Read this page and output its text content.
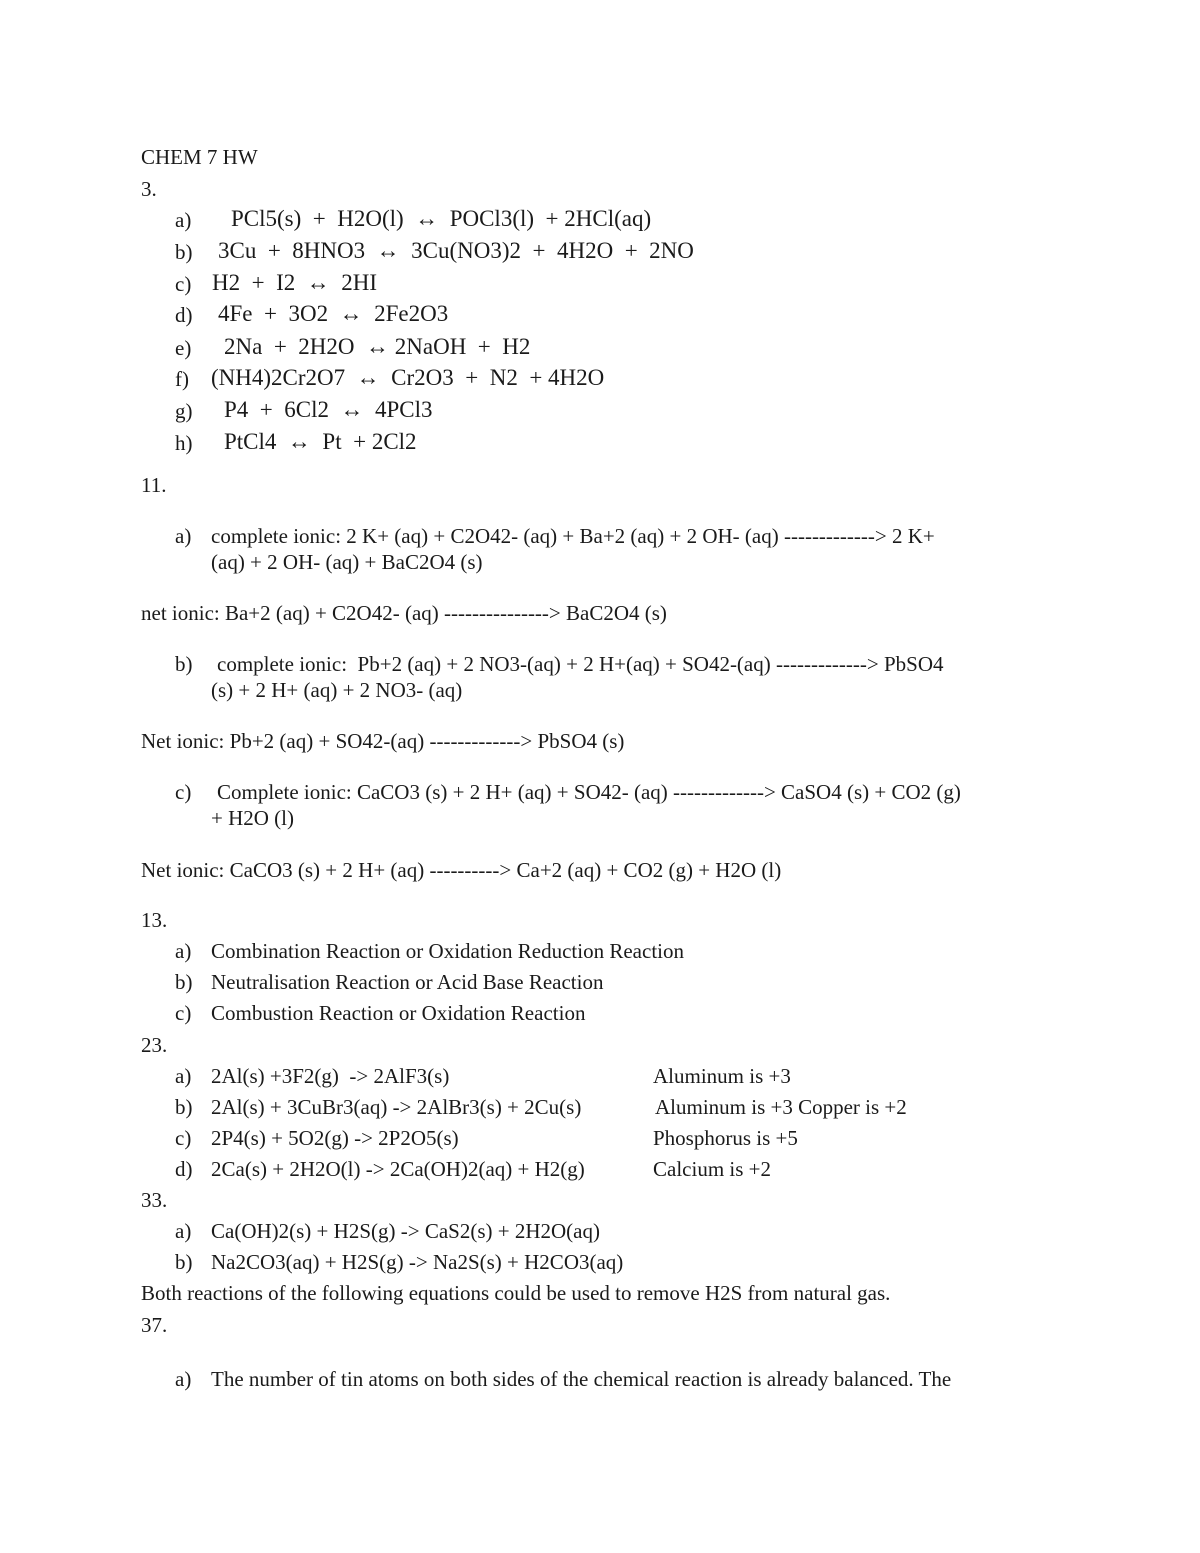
CHEM 7 HW

3.

a) PCl5(s)  +  H2O(l)  ↔  POCl3(l)  + 2HCl(aq)

b) 3Cu  +  8HNO3  ↔  3Cu(NO3)2  +  4H2O  +  2NO

c) H2  +  I2  ↔  2HI

d) 4Fe  +  3O2  ↔  2Fe2O3

e) 2Na  +  2H2O  ↔ 2NaOH  +  H2

f) (NH4)2Cr2O7  ↔  Cr2O3  +  N2  + 4H2O

g) P4  +  6Cl2  ↔  4PCl3

h) PtCl4  ↔  Pt  + 2Cl2

11.

a) complete ionic: 2 K+ (aq) + C2O42- (aq) + Ba+2 (aq) + 2 OH- (aq) -------------> 2 K+

(aq) + 2 OH- (aq) + BaC2O4 (s)

net ionic: Ba+2 (aq) + C2O42- (aq) ---------------> BaC2O4 (s)

b) complete ionic:  Pb+2 (aq) + 2 NO3-(aq) + 2 H+(aq) + SO42-(aq) -------------> PbSO4

(s) + 2 H+ (aq) + 2 NO3- (aq)

Net ionic: Pb+2 (aq) + SO42-(aq) -------------> PbSO4 (s)

c) Complete ionic: CaCO3 (s) + 2 H+ (aq) + SO42- (aq) -------------> CaSO4 (s) + CO2 (g)

+ H2O (l)

Net ionic: CaCO3 (s) + 2 H+ (aq) ----------> Ca+2 (aq) + CO2 (g) + H2O (l)

13.

a) Combination Reaction or Oxidation Reduction Reaction

b) Neutralisation Reaction or Acid Base Reaction

c) Combustion Reaction or Oxidation Reaction

23.

a) 2Al(s) +3F2(g)  -> 2AlF3(s)	Aluminum is +3

b) 2Al(s) + 3CuBr3(aq) -> 2AlBr3(s) + 2Cu(s)	Aluminum is +3 Copper is +2

c) 2P4(s) + 5O2(g) -> 2P2O5(s)	Phosphorus is +5

d) 2Ca(s) + 2H2O(l) -> 2Ca(OH)2(aq) + H2(g)	Calcium is +2

33.

a) Ca(OH)2(s) + H2S(g) -> CaS2(s) + 2H2O(aq)

b) Na2CO3(aq) + H2S(g) -> Na2S(s) + H2CO3(aq)

Both reactions of the following equations could be used to remove H2S from natural gas.

37.

a) The number of tin atoms on both sides of the chemical reaction is already balanced. The
